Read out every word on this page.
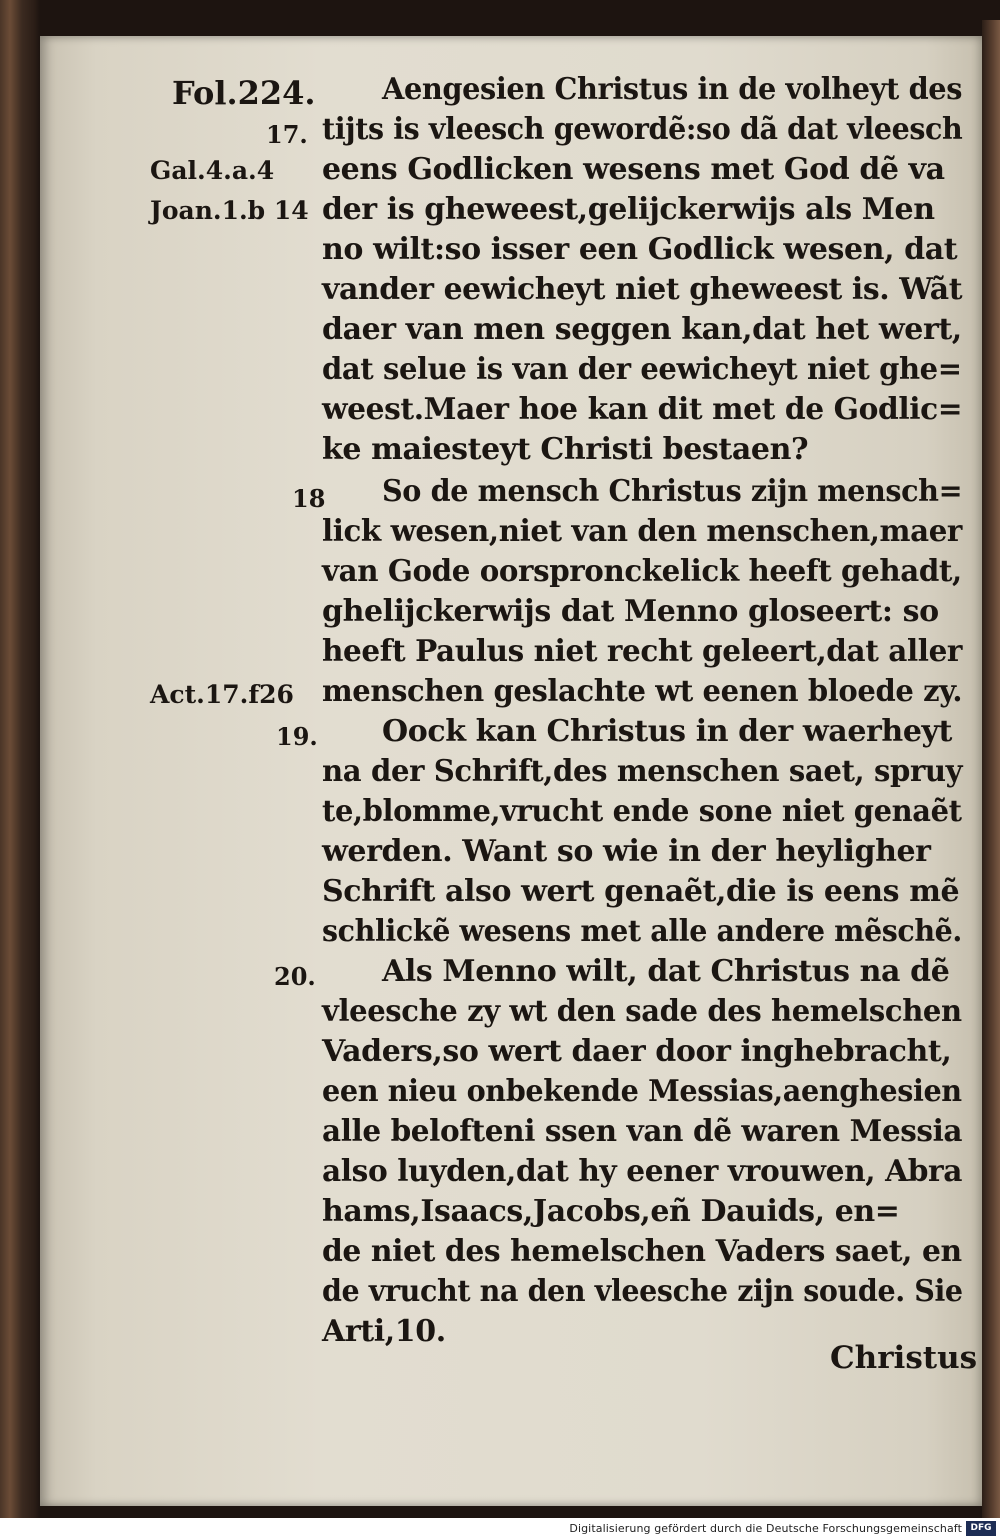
Fol.224.
17.
Gal.4.a.4
Joan.1.b 14
18
Act.17.f26
19.
20.
Aengesien Christus in de volheyt des
tijts is vleesch gewordẽ:so dã dat vleesch
eens Godlicken wesens met God dẽ va
der is gheweest,gelijckerwijs als Men
no wilt:so isser een Godlick wesen, dat
vander eewicheyt niet gheweest is. Wãt
daer van men seggen kan,dat het wert,
dat selue is van der eewicheyt niet ghe=
weest.Maer hoe kan dit met de Godlic=
ke maiesteyt Christi bestaen?
So de mensch Christus zijn mensch=
lick wesen,niet van den menschen,maer
van Gode oorspronckelick heeft gehadt,
ghelijckerwijs dat Menno gloseert: so
heeft Paulus niet recht geleert,dat aller
menschen geslachte wt eenen bloede zy.
Oock kan Christus in der waerheyt
na der Schrift,des menschen saet, spruy
te,blomme,vrucht ende sone niet genaẽt
werden. Want so wie in der heyligher
Schrift also wert genaẽt,die is eens mẽ
schlickẽ wesens met alle andere mẽschẽ.
Als Menno wilt, dat Christus na dẽ
vleesche zy wt den sade des hemelschen
Vaders,so wert daer door inghebracht,
een nieu onbekende Messias,aenghesien
alle belofteni ssen van dẽ waren Messia
also luyden,dat hy eener vrouwen, Abra
hams,Isaacs,Jacobs,eñ Dauids, en=
de niet des hemelschen Vaders saet, en
de vrucht na den vleesche zijn soude. Sie
Arti,10.
Christus
Digitalisierung gefördert durch die Deutsche Forschungsgemeinschaft DFG
